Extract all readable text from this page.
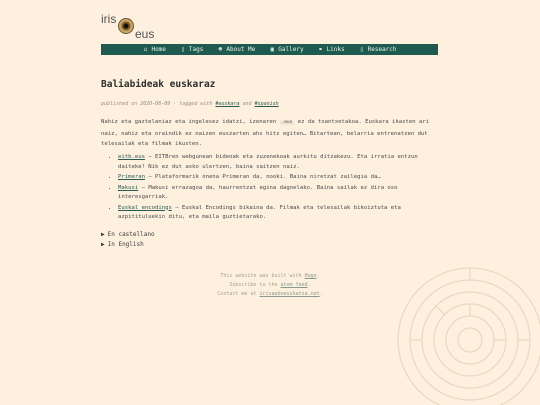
iris
eus
⌂ Home	▯ Tags	☻ About Me	▣ Gallery ⚭ Links	▯ Research
Baliabideak euskaraz
published on 2020-08-09 · tagged with #euskara and #spanish
Nahiz eta gaztelaniaz eta ingelesez idatzi, izenaren .eus ez da txantxetakoa. Euskara ikasten ari naiz, nahiz eta oraindik ez naizen euszarten ahs hitz egiten… Bitartean, belarria entrenatzen dut telesailak eta filmak ikusten.
• eitb.eus – EITBren webgunean bideoak eta zuzenekoak aurkitu ditzakezu. Eta irratia entzun daiteke! Nik ez dut asko ulertzen, baina saitzen naiz.
• Primeran – Plataformarik onena Primeran da, nooki. Baina niretzat zailegia da…
• Makusi – Makusi errazagoa da, haurrentzat egina dagoelako. Baina sailak ez dira oso interesgarriak.
• Euskal encodings – Euskal Encodings bikaina da. Filmak eta telesailak bikoiztuta eta azpitituluekin ditu, eta maila guztietarako.
▶ En castellano
▶ In English
This website was built with Hugo.
Subscribe to the atom feed.
Contact me at irisaeboeuskatsa.net.
